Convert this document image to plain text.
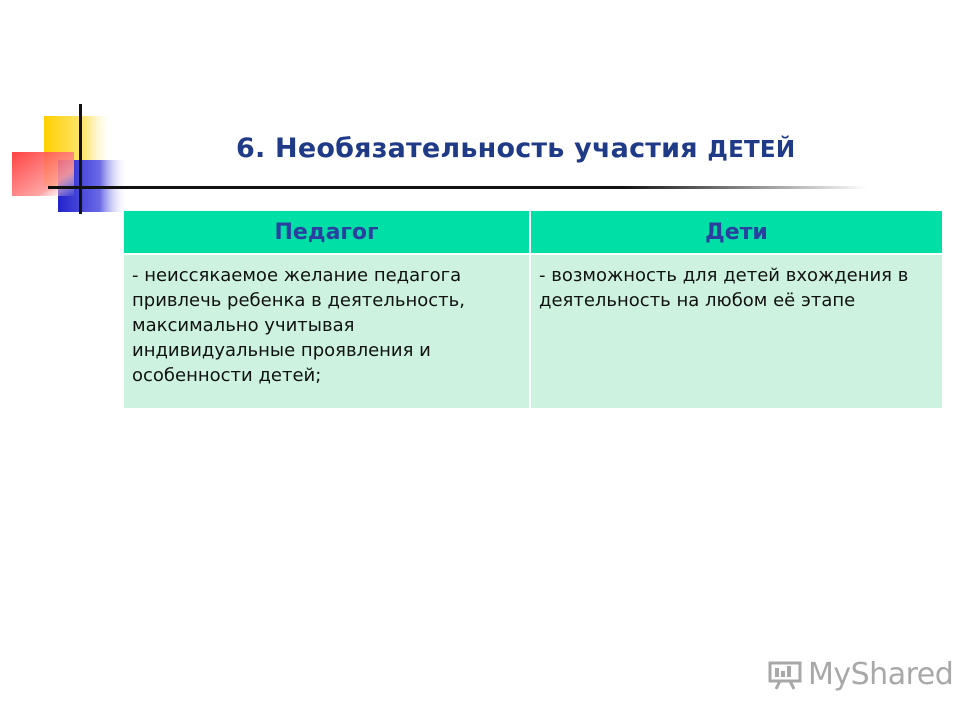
6. Необязательность участия ДЕТЕЙ
Педагог	Дети
- неиссякаемое желание педагога привлечь ребенка в деятельность, максимально учитывая индивидуальные проявления и особенности детей;	- возможность для детей вхождения в деятельность на любом её этапе
MyShared
